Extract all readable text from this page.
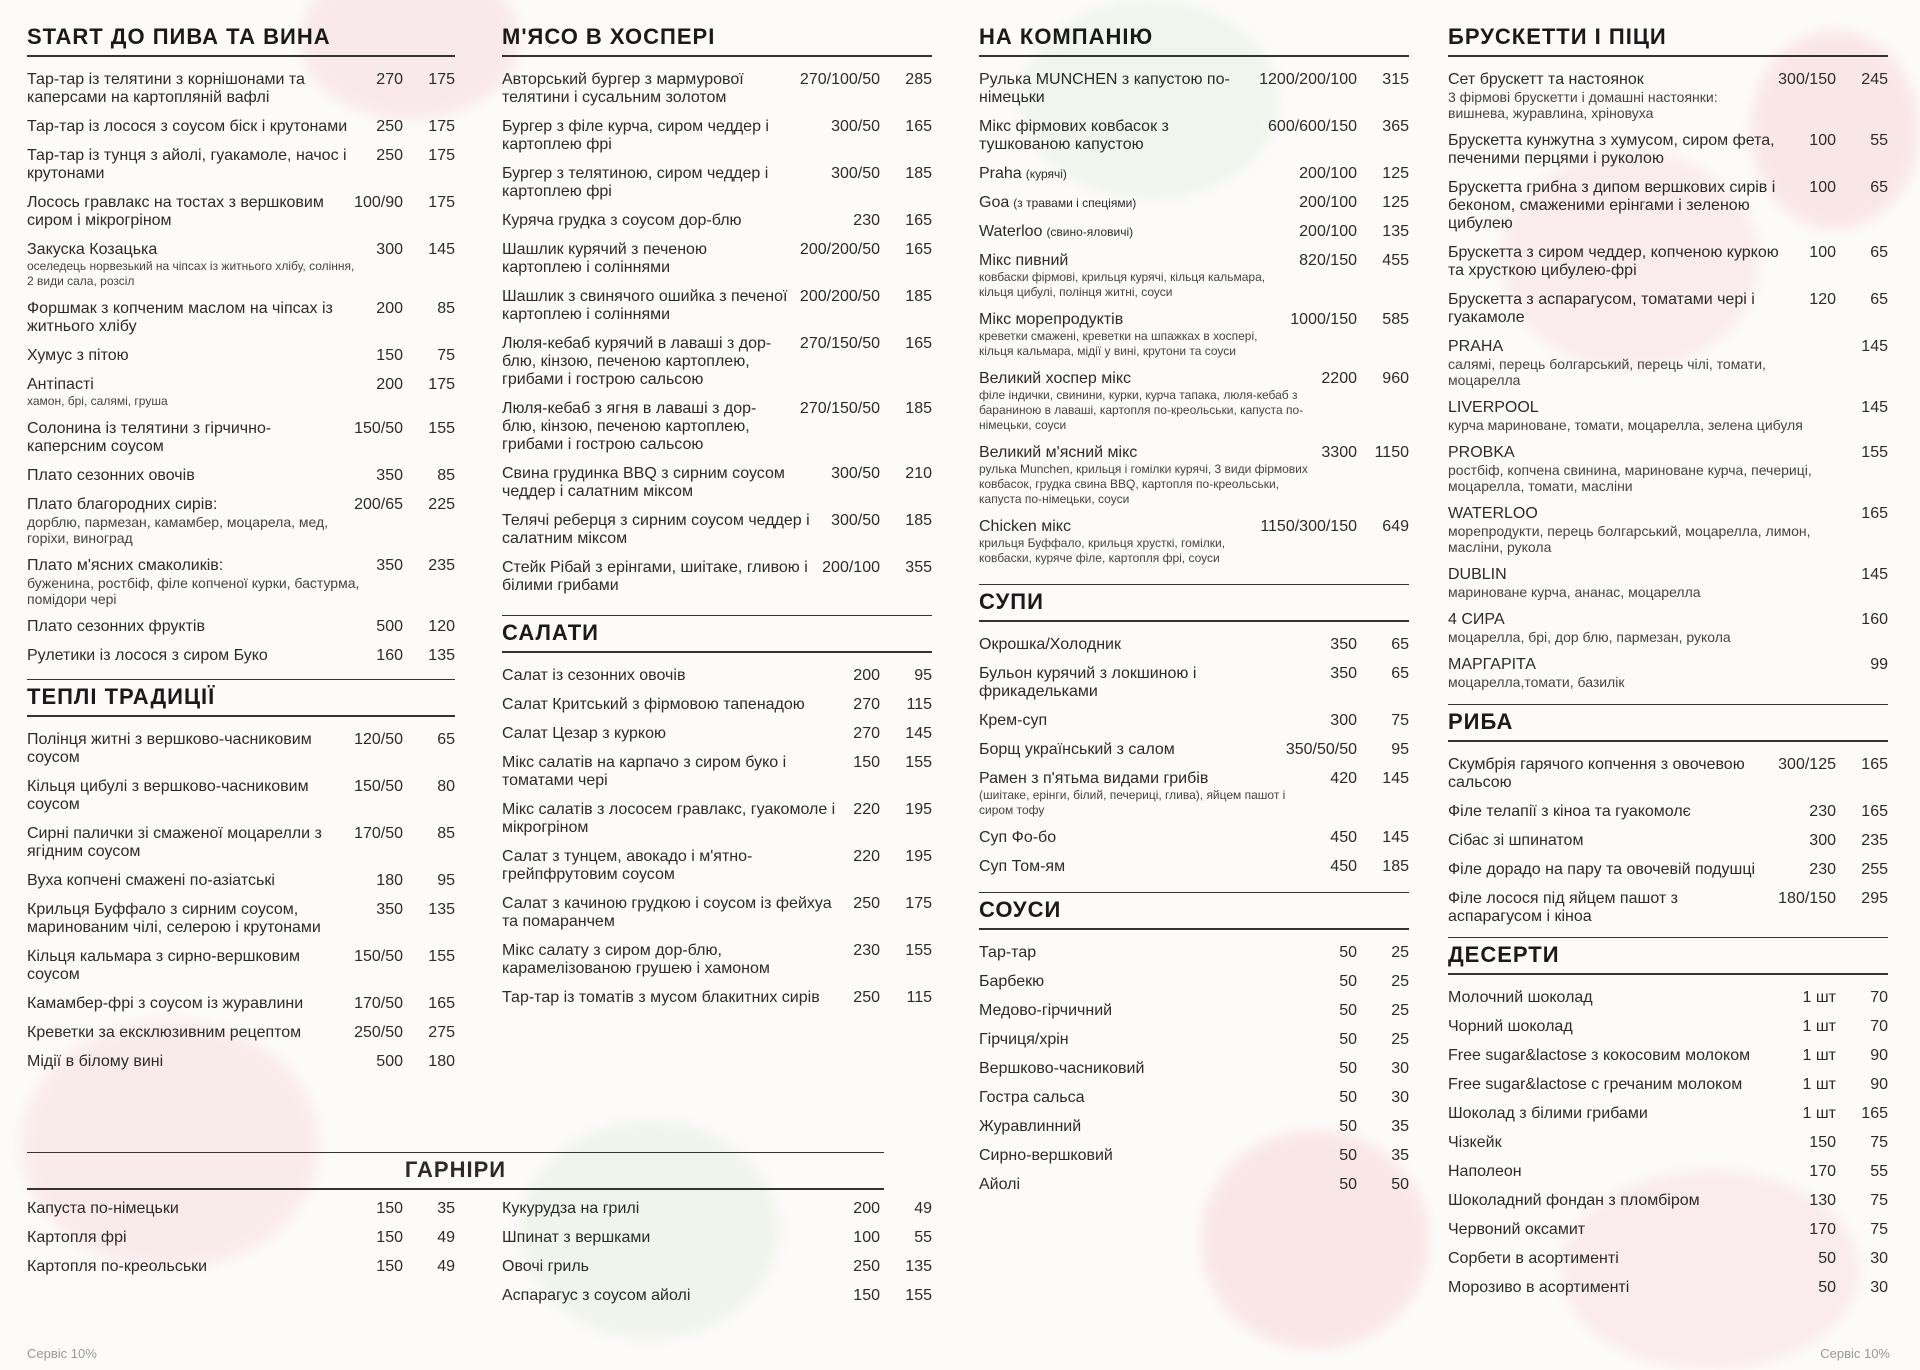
START ДО ПИВА ТА ВИНА
Тар-тар із телятини з корнішонами та каперсами на картопляній вафлі
270	175
Тар-тар із лосося з соусом біск і крутонами	250	175
Тар-тар із тунця з айолі, гуакамоле, начос і крутонами
250	175
Лосось гравлакс на тостах з вершковим сиром і мікрогріном
100/90	175
Закуска Козацька
оселедець норвезький на чіпсах із житнього хлібу, соління, 2 види сала, розсіл
300	145
Форшмак з копченим маслом на чіпсах із житнього хлібу
200	85
Хумус з пітою	150	75
Антіпасті
хамон, брі, салямі, груша
200	175
Солонина із телятини з гірчично-каперсним соусом
150/50	155
Плато сезонних овочів	350	85
Плато благородних сирів:
дорблю, пармезан, камамбер, моцарела, мед, горіхи, виноград
200/65	225
Плато м'ясних смаколиків:
буженина, ростбіф, філе копченої курки, бастурма, помідори чері
350	235
Плато сезонних фруктів	500	120
Рулетики із лосося з сиром Буко	160	135
ТЕПЛІ ТРАДИЦІЇ
Полінця житні з вершково-часниковим соусом
120/50	65
Кільця цибулі з вершково-часниковим соусом
150/50	80
Сирні палички зі смаженої моцарелли з ягідним соусом
170/50	85
Вуха копчені смажені по-азіатські	180	95
Крильця Буффало з сирним соусом, маринованим чілі, селерою і крутонами
350	135
Кільця кальмара з сирно-вершковим соусом
150/50	155
Камамбер-фрі з соусом із журавлини	170/50	165
Креветки за ексклюзивним рецептом	250/50	275
Мідії в білому вині	500	180
М'ЯСО В ХОСПЕРІ
Авторський бургер з мармурової телятини і сусальним золотом
270/100/50	285
Бургер з філе курча, сиром чеддер і картоплею фрі
300/50	165
Бургер з телятиною, сиром чеддер і картоплею фрі
300/50	185
Куряча грудка з соусом дор-блю	230	165
Шашлик курячий з печеною картоплею і соліннями
200/200/50	165
Шашлик з свинячого ошийка з печеної картоплею і соліннями
200/200/50	185
Люля-кебаб курячий в лаваші з дор-блю, кінзою, печеною картоплею, грибами і гострою сальсою
270/150/50	165
Люля-кебаб з ягня в лаваші з дор-блю, кінзою, печеною картоплею, грибами і гострою сальсою
270/150/50	185
Свина грудинка BBQ з сирним соусом чеддер і салатним міксом
300/50	210
Телячі реберця з сирним соусом чеддер і салатним міксом
300/50	185
Стейк Рібай з ерінгами, шиітаке, гливою і білими грибами
200/100	355
САЛАТИ
Салат із сезонних овочів	200	95
Салат Критський з фірмовою тапенадою	270	115
Салат Цезар з куркою	270	145
Мікс салатів на карпачо з сиром буко і томатами чері
150	155
Мікс салатів з лососем гравлакс, гуакомоле і мікрогріном
220	195
Салат з тунцем, авокадо і м'ятно-грейпфрутовим соусом
220	195
Салат з качиною грудкою і соусом із фейхуа та помаранчем
250	175
Мікс салату з сиром дор-блю, карамелізованою грушею і хамоном
230	155
Тар-тар із томатів з мусом блакитних сирів	250	115
НА КОМПАНІЮ
Рулька MUNCHEN з капустою по-німецьки
1200/200/100	315
Мікс фірмових ковбасок з тушкованою капустою
600/600/150	365
Praha (курячі)	200/100	125
Goa (з травами і спеціями)	200/100	125
Waterloo (свино-яловичі)	200/100	135
Мікс пивний
ковбаски фірмові, крильця курячі, кільця кальмара, кільця цибулі, полінця житні, соуси
820/150	455
Мікс морепродуктів
креветки смажені, креветки на шпажках в хоспері, кільця кальмара, мідії у вині, крутони та соуси
1000/150	585
Великий хоспер мікс
філе індички, свинини, курки, курча тапака, люля-кебаб з бараниною в лаваші, картопля по-креольськи, капуста по-німецьки, соуси
2200	960
Великий м'ясний мікс
рулька Munchen, крильця і гомілки курячі, 3 види фірмових ковбасок, грудка свина BBQ, картопля по-креольськи, капуста по-німецьки, соуси
3300	1150
Chicken мікс
крильця Буффало, крильця хрусткі, гомілки, ковбаски, куряче філе, картопля фрі, соуси
1150/300/150	649
СУПИ
Окрошка/Холодник	350	65
Бульон курячий з локшиною і фрикадельками
350	65
Крем-суп	300	75
Борщ український з салом	350/50/50	95
Рамен з п'ятьма видами грибів
(шиітаке, ерінги, білий, печериці, глива), яйцем пашот і сиром тофу
420	145
Суп Фо-бо	450	145
Суп Том-ям	450	185
СОУСИ
Тар-тар	50	25
Барбекю	50	25
Медово-гірчичний	50	25
Гірчиця/хрін	50	25
Вершково-часниковий	50	30
Гостра сальса	50	30
Журавлинний	50	35
Сирно-вершковий	50	35
Айолі	50	50
БРУСКЕТТИ І ПІЦИ
Сет брускетт та настоянок
3 фірмові брускетти і домашні настоянки: вишнева, журавлина, хріновуха
300/150	245
Брускетта кунжутна з хумусом, сиром фета, печеними перцями і руколою
100	55
Брускетта грибна з дипом вершкових сирів і беконом, смаженими ерінгами і зеленою цибулею
100	65
Брускетта з сиром чеддер, копченою куркою та хрусткою цибулею-фрі
100	65
Брускетта з аспарагусом, томатами чері і гуакамоле
120	65
PRAHA
салямі, перець болгарський, перець чілі, томати, моцарелла
145
LIVERPOOL
курча мариноване, томати, моцарелла, зелена цибуля
145
PROBKA
ростбіф, копчена свинина, мариноване курча, печериці, моцарелла, томати, масліни
155
WATERLOO
морепродукти, перець болгарський, моцарелла, лимон, масліни, рукола
165
DUBLIN
мариноване курча, ананас, моцарелла
145
4 СИРА
моцарелла, брі, дор блю, пармезан, рукола
160
МАРГАРІТА
моцарелла,томати, базилік
99
РИБА
Скумбрія гарячого копчення з овочевою сальсою
300/125	165
Філе телапії з кіноа та гуакомолє	230	165
Сібас зі шпинатом	300	235
Філе дорадо на пару та овочевій подушці	230	255
Філе лосося під яйцем пашот з аспарагусом і кіноа
180/150	295
ДЕСЕРТИ
Молочний шоколад	1 шт	70
Чорний шоколад	1 шт	70
Free sugar&lactose з кокосовим молоком	1 шт	90
Free sugar&lactose с гречаним молоком	1 шт	90
Шоколад з білими грибами	1 шт	165
Чізкейк	150	75
Наполеон	170	55
Шоколадний фондан з пломбіром	130	75
Червоний оксамит	170	75
Сорбети в асортименті	50	30
Морозиво в асортименті	50	30
ГАРНІРИ
Капуста по-німецьки	150	35
Картопля фрі	150	49
Картопля по-креольськи	150	49
Кукурудза на грилі	200	49
Шпинат з вершками	100	55
Овочі гриль	250	135
Аспарагус з соусом айолі	150	155
Сервіс 10%	Сервіс 10%
